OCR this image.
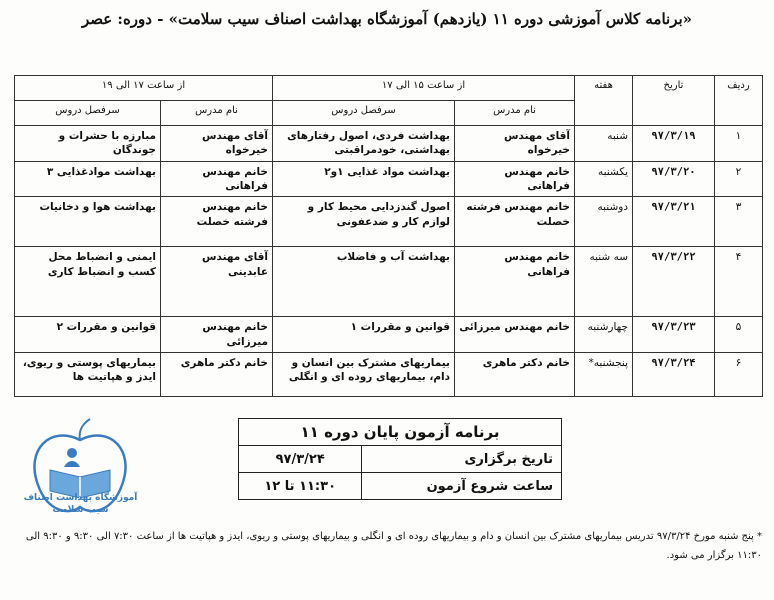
«برنامه کلاس آموزشی دوره ۱۱ (یازدهم) آموزشگاه بهداشت اصناف سیب سلامت» - دوره: عصر
ردیف	تاریخ	هفته	از ساعت ۱۵ الی ۱۷		از ساعت ۱۷ الی ۱۹	
			نام مدرس	سرفصل دروس	نام مدرس	سرفصل دروس
۱	۹۷/۳/۱۹	شنبه	آقای مهندس خیرخواه	بهداشت فردی، اصول رفتارهای بهداشتی، خودمراقبتی	آقای مهندس خیرخواه	مبارزه با حشرات و جوندگان
۲	۹۷/۳/۲۰	یکشنبه	خانم مهندس فراهانی	بهداشت مواد غذایی ۱و۲	خانم مهندس فراهانی	بهداشت موادغذایی ۳
۳	۹۷/۳/۲۱	دوشنبه	خانم مهندس فرشته خصلت	اصول گندزدایی محیط کار و لوازم کار و ضدعفونی	خانم مهندس فرشته خصلت	بهداشت هوا و دخانیات
۴	۹۷/۳/۲۲	سه شنبه	خانم مهندس فراهانی	بهداشت آب و فاضلاب	آقای مهندس عابدینی	ایمنی و انضباط محل کسب و انضباط کاری
۵	۹۷/۳/۲۳	چهارشنبه	خانم مهندس میرزائی	قوانین و مقررات ۱	خانم مهندس میرزائی	قوانین و مقررات ۲
۶	۹۷/۳/۲۴	پنجشنبه*	خانم دکتر ماهری	بیماریهای مشترک بین انسان و دام، بیماریهای روده ای و انگلی	خانم دکتر ماهری	بیماریهای پوستی و ریوی، ایدز و هپاتیت ها
برنامه آزمون پایان دوره ۱۱	
تاریخ برگزاری	۹۷/۳/۲۴
ساعت شروع آزمون	۱۱:۳۰ تا ۱۲
آموزشگاه بهداشت اصناف
سیب سلامت
* پنج شنبه مورخ ۹۷/۳/۲۴ تدریس بیماریهای مشترک بین انسان و دام و بیماریهای روده ای و انگلی و بیماریهای پوستی و ریوی، ایدز و هپاتیت ها از ساعت ۷:۳۰ الی ۹:۳۰ و ۹:۳۰ الی ۱۱:۳۰ برگزار می شود.
